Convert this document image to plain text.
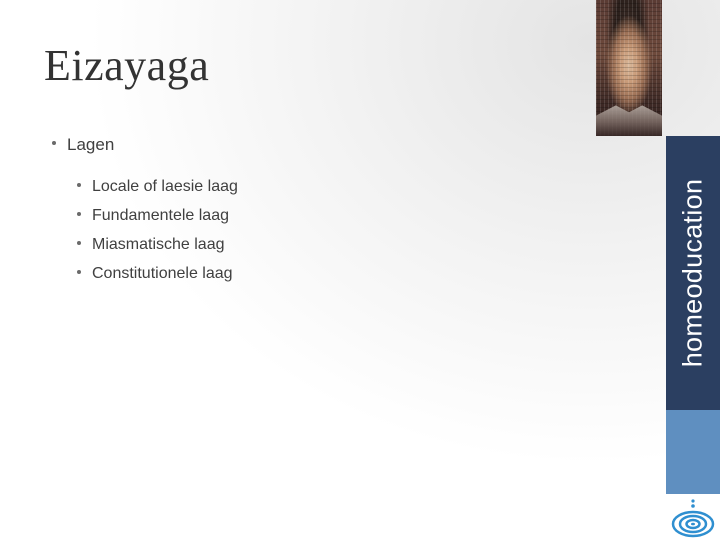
Eizayaga
Lagen
Locale of laesie laag
Fundamentele laag
Miasmatische laag
Constitutionele laag	homeoducation
